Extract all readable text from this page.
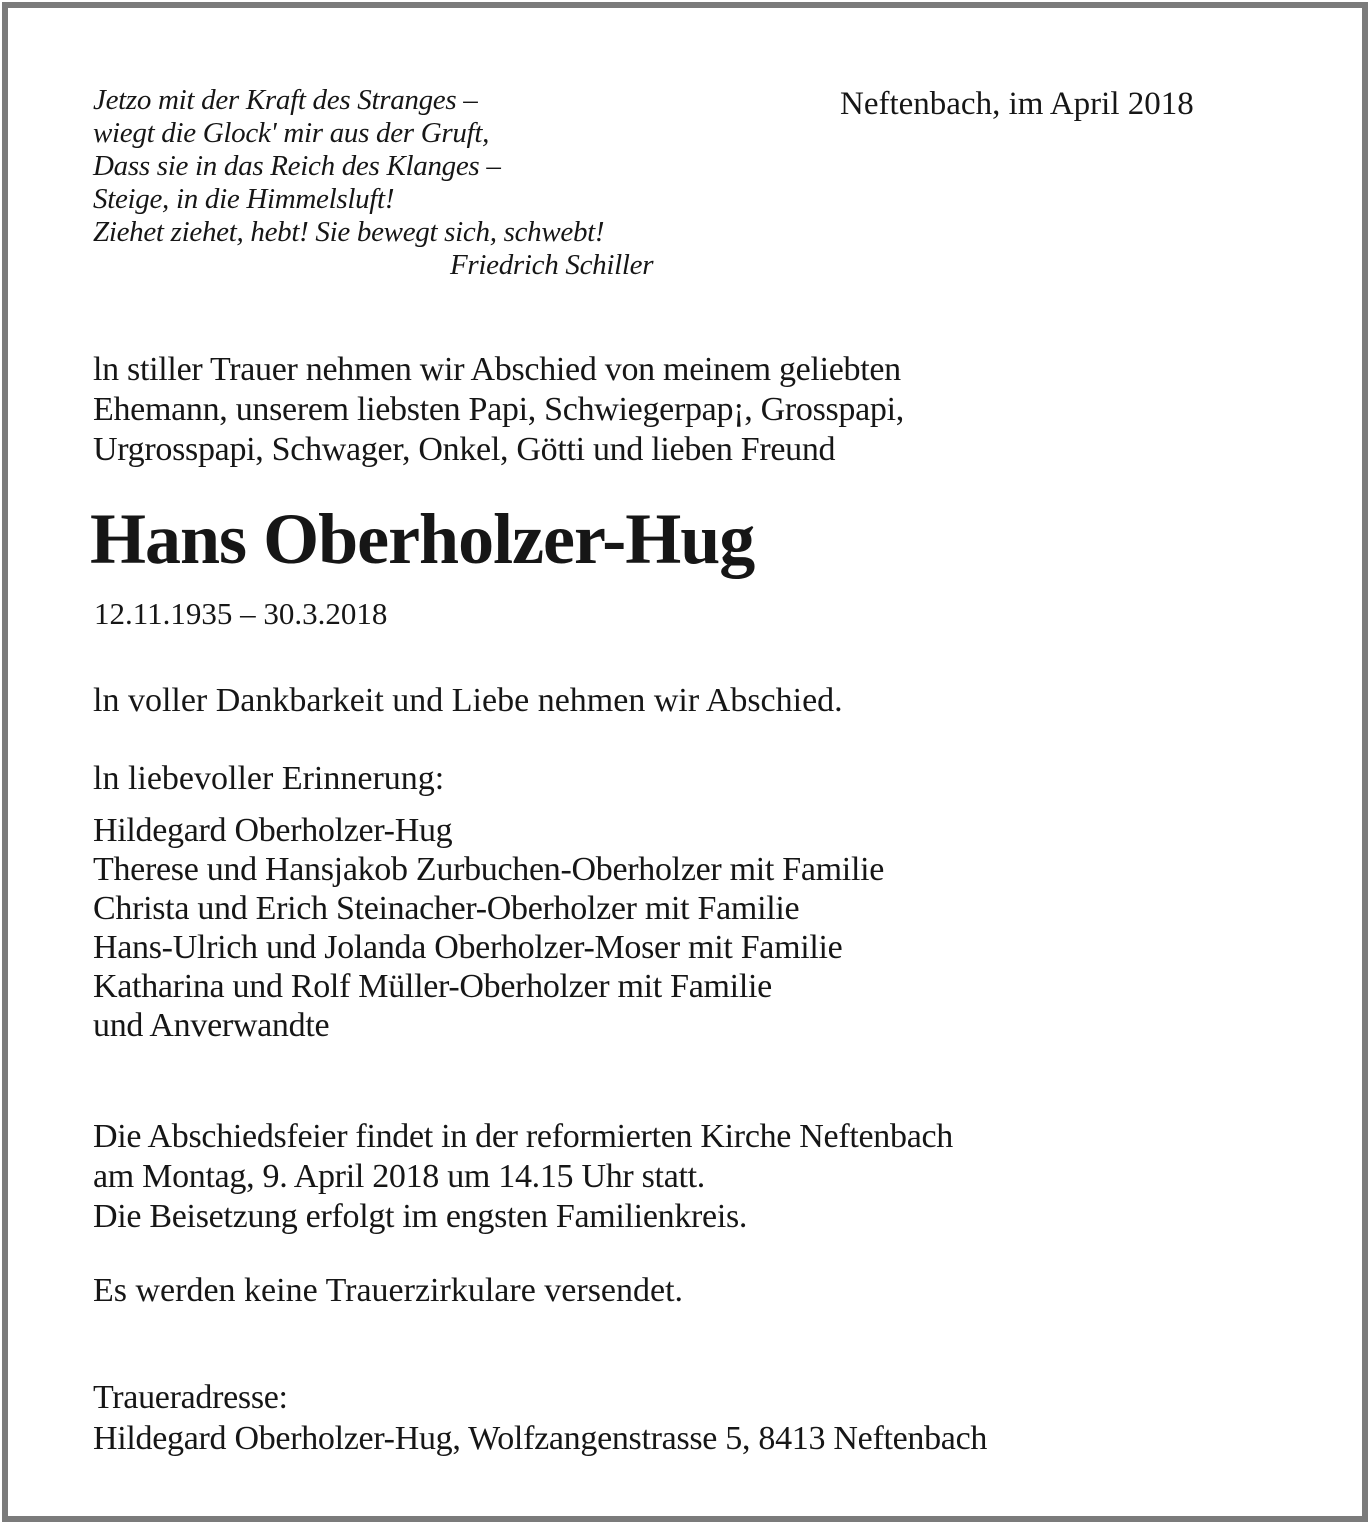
Jetzo mit der Kraft des Stranges –
wiegt die Glock' mir aus der Gruft,
Dass sie in das Reich des Klanges –
Steige, in die Himmelsluft!
Ziehet ziehet, hebt! Sie bewegt sich, schwebt!
Friedrich Schiller
Neftenbach, im April 2018
ln stiller Trauer nehmen wir Abschied von meinem geliebten
Ehemann, unserem liebsten Papi, Schwiegerpap¡, Grosspapi,
Urgrosspapi, Schwager, Onkel, Götti und lieben Freund
Hans Oberholzer-Hug
12.11.1935 – 30.3.2018
ln voller Dankbarkeit und Liebe nehmen wir Abschied.
ln liebevoller Erinnerung:
Hildegard Oberholzer-Hug
Therese und Hansjakob Zurbuchen-Oberholzer mit Familie
Christa und Erich Steinacher-Oberholzer mit Familie
Hans-Ulrich und Jolanda Oberholzer-Moser mit Familie
Katharina und Rolf Müller-Oberholzer mit Familie
und Anverwandte
Die Abschiedsfeier findet in der reformierten Kirche Neftenbach
am Montag, 9. April 2018 um 14.15 Uhr statt.
Die Beisetzung erfolgt im engsten Familienkreis.
Es werden keine Trauerzirkulare versendet.
Traueradresse:
Hildegard Oberholzer-Hug, Wolfzangenstrasse 5, 8413 Neftenbach
